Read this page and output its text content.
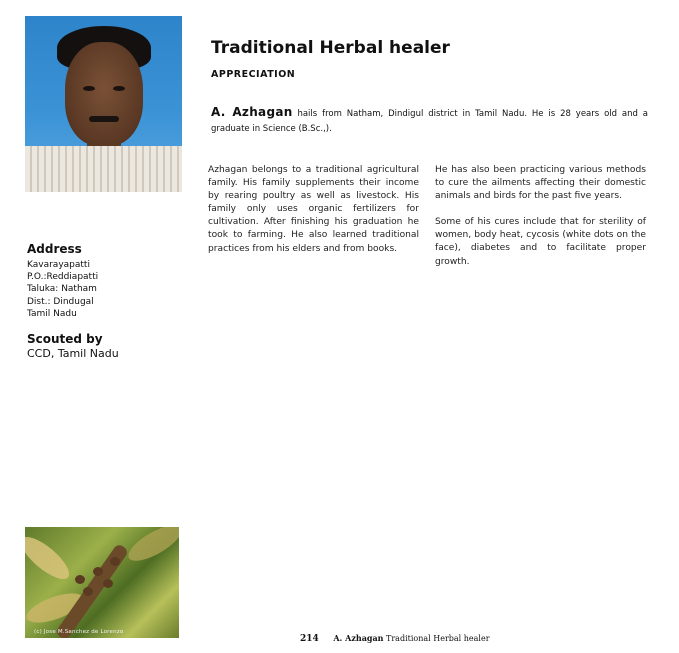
Traditional Herbal healer
APPRECIATION

A. Azhagan hails from Natham, Dindigul district in Tamil Nadu. He is 28 years old and a graduate in Science (B.Sc.,).

Azhagan belongs to a traditional agricultural family. His family supplements their income by rearing poultry as well as livestock. His family only uses organic fertilizers for cultivation. After finishing his graduation he took to farming. He also learned traditional practices from his elders and from books.

He has also been practicing various methods to cure the ailments affecting their domestic animals and birds for the past five years.

Some of his cures include that for sterility of women, body heat, cycosis (white dots on the face), diabetes and to facilitate proper growth.

Address
Kavarayapatti
P.O.:Reddiapatti
Taluka: Natham
Dist.: Dindugal
Tamil Nadu
Scouted by
CCD, Tamil Nadu
(c) Jose M.Sanchez de Lorenzo
214 A. Azhagan Traditional Herbal healer
